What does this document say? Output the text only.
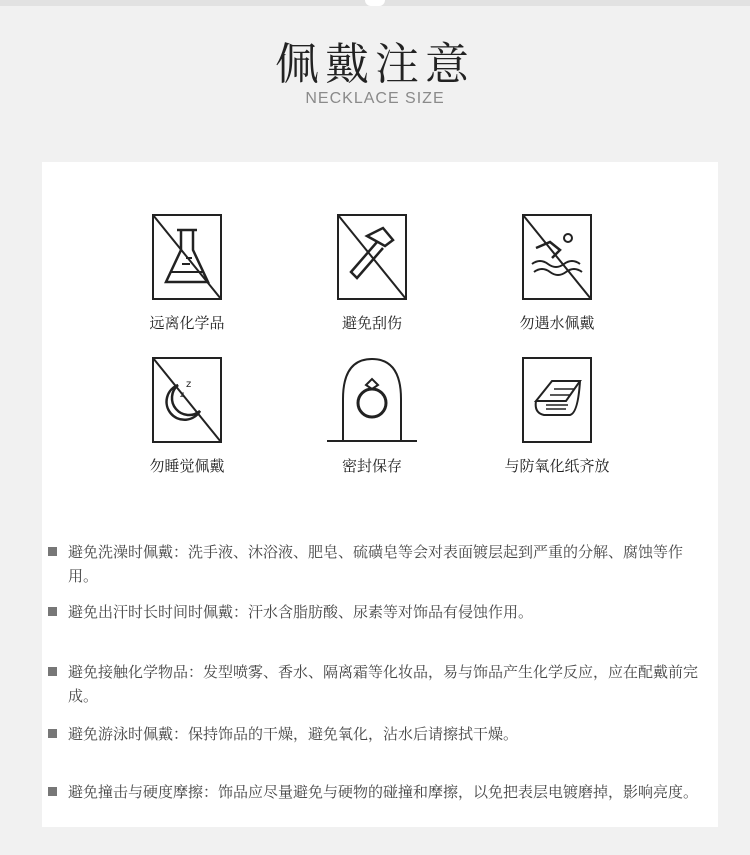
佩戴注意
NECKLACE SIZE
远离化学品	避免刮伤	勿遇水佩戴
z
z
勿睡觉佩戴	密封保存	与防氧化纸齐放
避免洗澡时佩戴：洗手液、沐浴液、肥皂、硫磺皂等会对表面镀层起到严重的分解、腐蚀等作用。
避免出汗时长时间时佩戴：汗水含脂肪酸、尿素等对饰品有侵蚀作用。
避免接触化学物品：发型喷雾、香水、隔离霜等化妆品，易与饰品产生化学反应，应在配戴前完成。
避免游泳时佩戴：保持饰品的干燥，避免氧化，沾水后请擦拭干燥。
避免撞击与硬度摩擦：饰品应尽量避免与硬物的碰撞和摩擦，以免把表层电镀磨掉，影响亮度。
